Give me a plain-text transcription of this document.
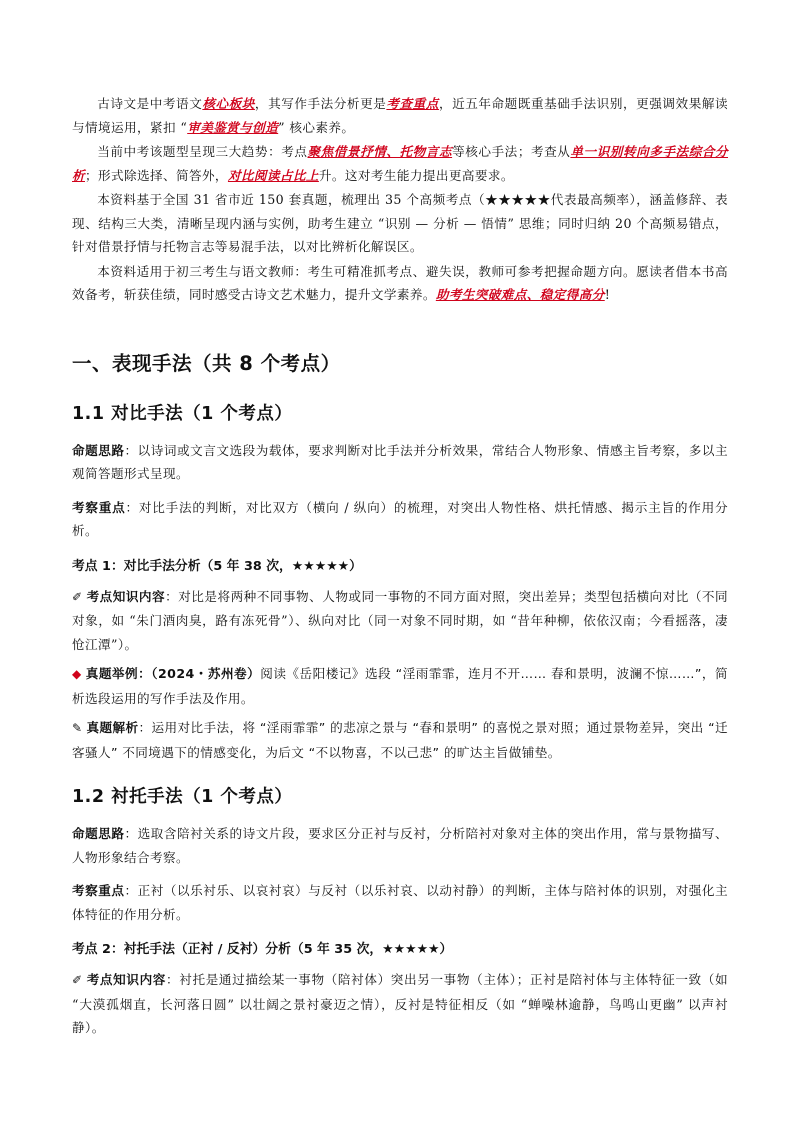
古诗文是中考语文核心板块，其写作手法分析更是考查重点，近五年命题既重基础手法识别，更强调效果解读与情境运用，紧扣 “审美鉴赏与创造” 核心素养。

当前中考该题型呈现三大趋势：考点聚焦借景抒情、托物言志等核心手法；考查从单一识别转向多手法综合分析；形式除选择、简答外，对比阅读占比上升。这对考生能力提出更高要求。

本资料基于全国 31 省市近 150 套真题，梳理出 35 个高频考点（★★★★★代表最高频率），涵盖修辞、表现、结构三大类，清晰呈现内涵与实例，助考生建立 “识别 — 分析 — 悟情” 思维；同时归纳 20 个高频易错点，针对借景抒情与托物言志等易混手法，以对比辨析化解误区。

本资料适用于初三考生与语文教师：考生可精准抓考点、避失误，教师可参考把握命题方向。愿读者借本书高效备考，斩获佳绩，同时感受古诗文艺术魅力，提升文学素养。助考生突破难点、稳定得高分!

一、表现手法（共 8 个考点）
1.1 对比手法（1 个考点）

命题思路：以诗词或文言文选段为载体，要求判断对比手法并分析效果，常结合人物形象、情感主旨考察，多以主观简答题形式呈现。

考察重点：对比手法的判断，对比双方（横向 / 纵向）的梳理，对突出人物性格、烘托情感、揭示主旨的作用分析。

考点 1：对比手法分析（5 年 38 次，★★★★★）

✐ 考点知识内容：对比是将两种不同事物、人物或同一事物的不同方面对照，突出差异；类型包括横向对比（不同对象，如 “朱门酒肉臭，路有冻死骨”）、纵向对比（同一对象不同时期，如 “昔年种柳，依依汉南；今看摇落，凄怆江潭”）。

◆ 真题举例：（2024・苏州卷）阅读《岳阳楼记》选段 “淫雨霏霏，连月不开…… 春和景明，波澜不惊……”，简析选段运用的写作手法及作用。

✎ 真题解析：运用对比手法，将 “淫雨霏霏” 的悲凉之景与 “春和景明” 的喜悦之景对照；通过景物差异，突出 “迁客骚人” 不同境遇下的情感变化，为后文 “不以物喜，不以己悲” 的旷达主旨做铺垫。

1.2 衬托手法（1 个考点）

命题思路：选取含陪衬关系的诗文片段，要求区分正衬与反衬，分析陪衬对象对主体的突出作用，常与景物描写、人物形象结合考察。

考察重点：正衬（以乐衬乐、以哀衬哀）与反衬（以乐衬哀、以动衬静）的判断，主体与陪衬体的识别，对强化主体特征的作用分析。

考点 2：衬托手法（正衬 / 反衬）分析（5 年 35 次，★★★★★）

✐ 考点知识内容：衬托是通过描绘某一事物（陪衬体）突出另一事物（主体）；正衬是陪衬体与主体特征一致（如 “大漠孤烟直，长河落日圆” 以壮阔之景衬豪迈之情），反衬是特征相反（如 “蝉噪林逾静，鸟鸣山更幽” 以声衬静）。
